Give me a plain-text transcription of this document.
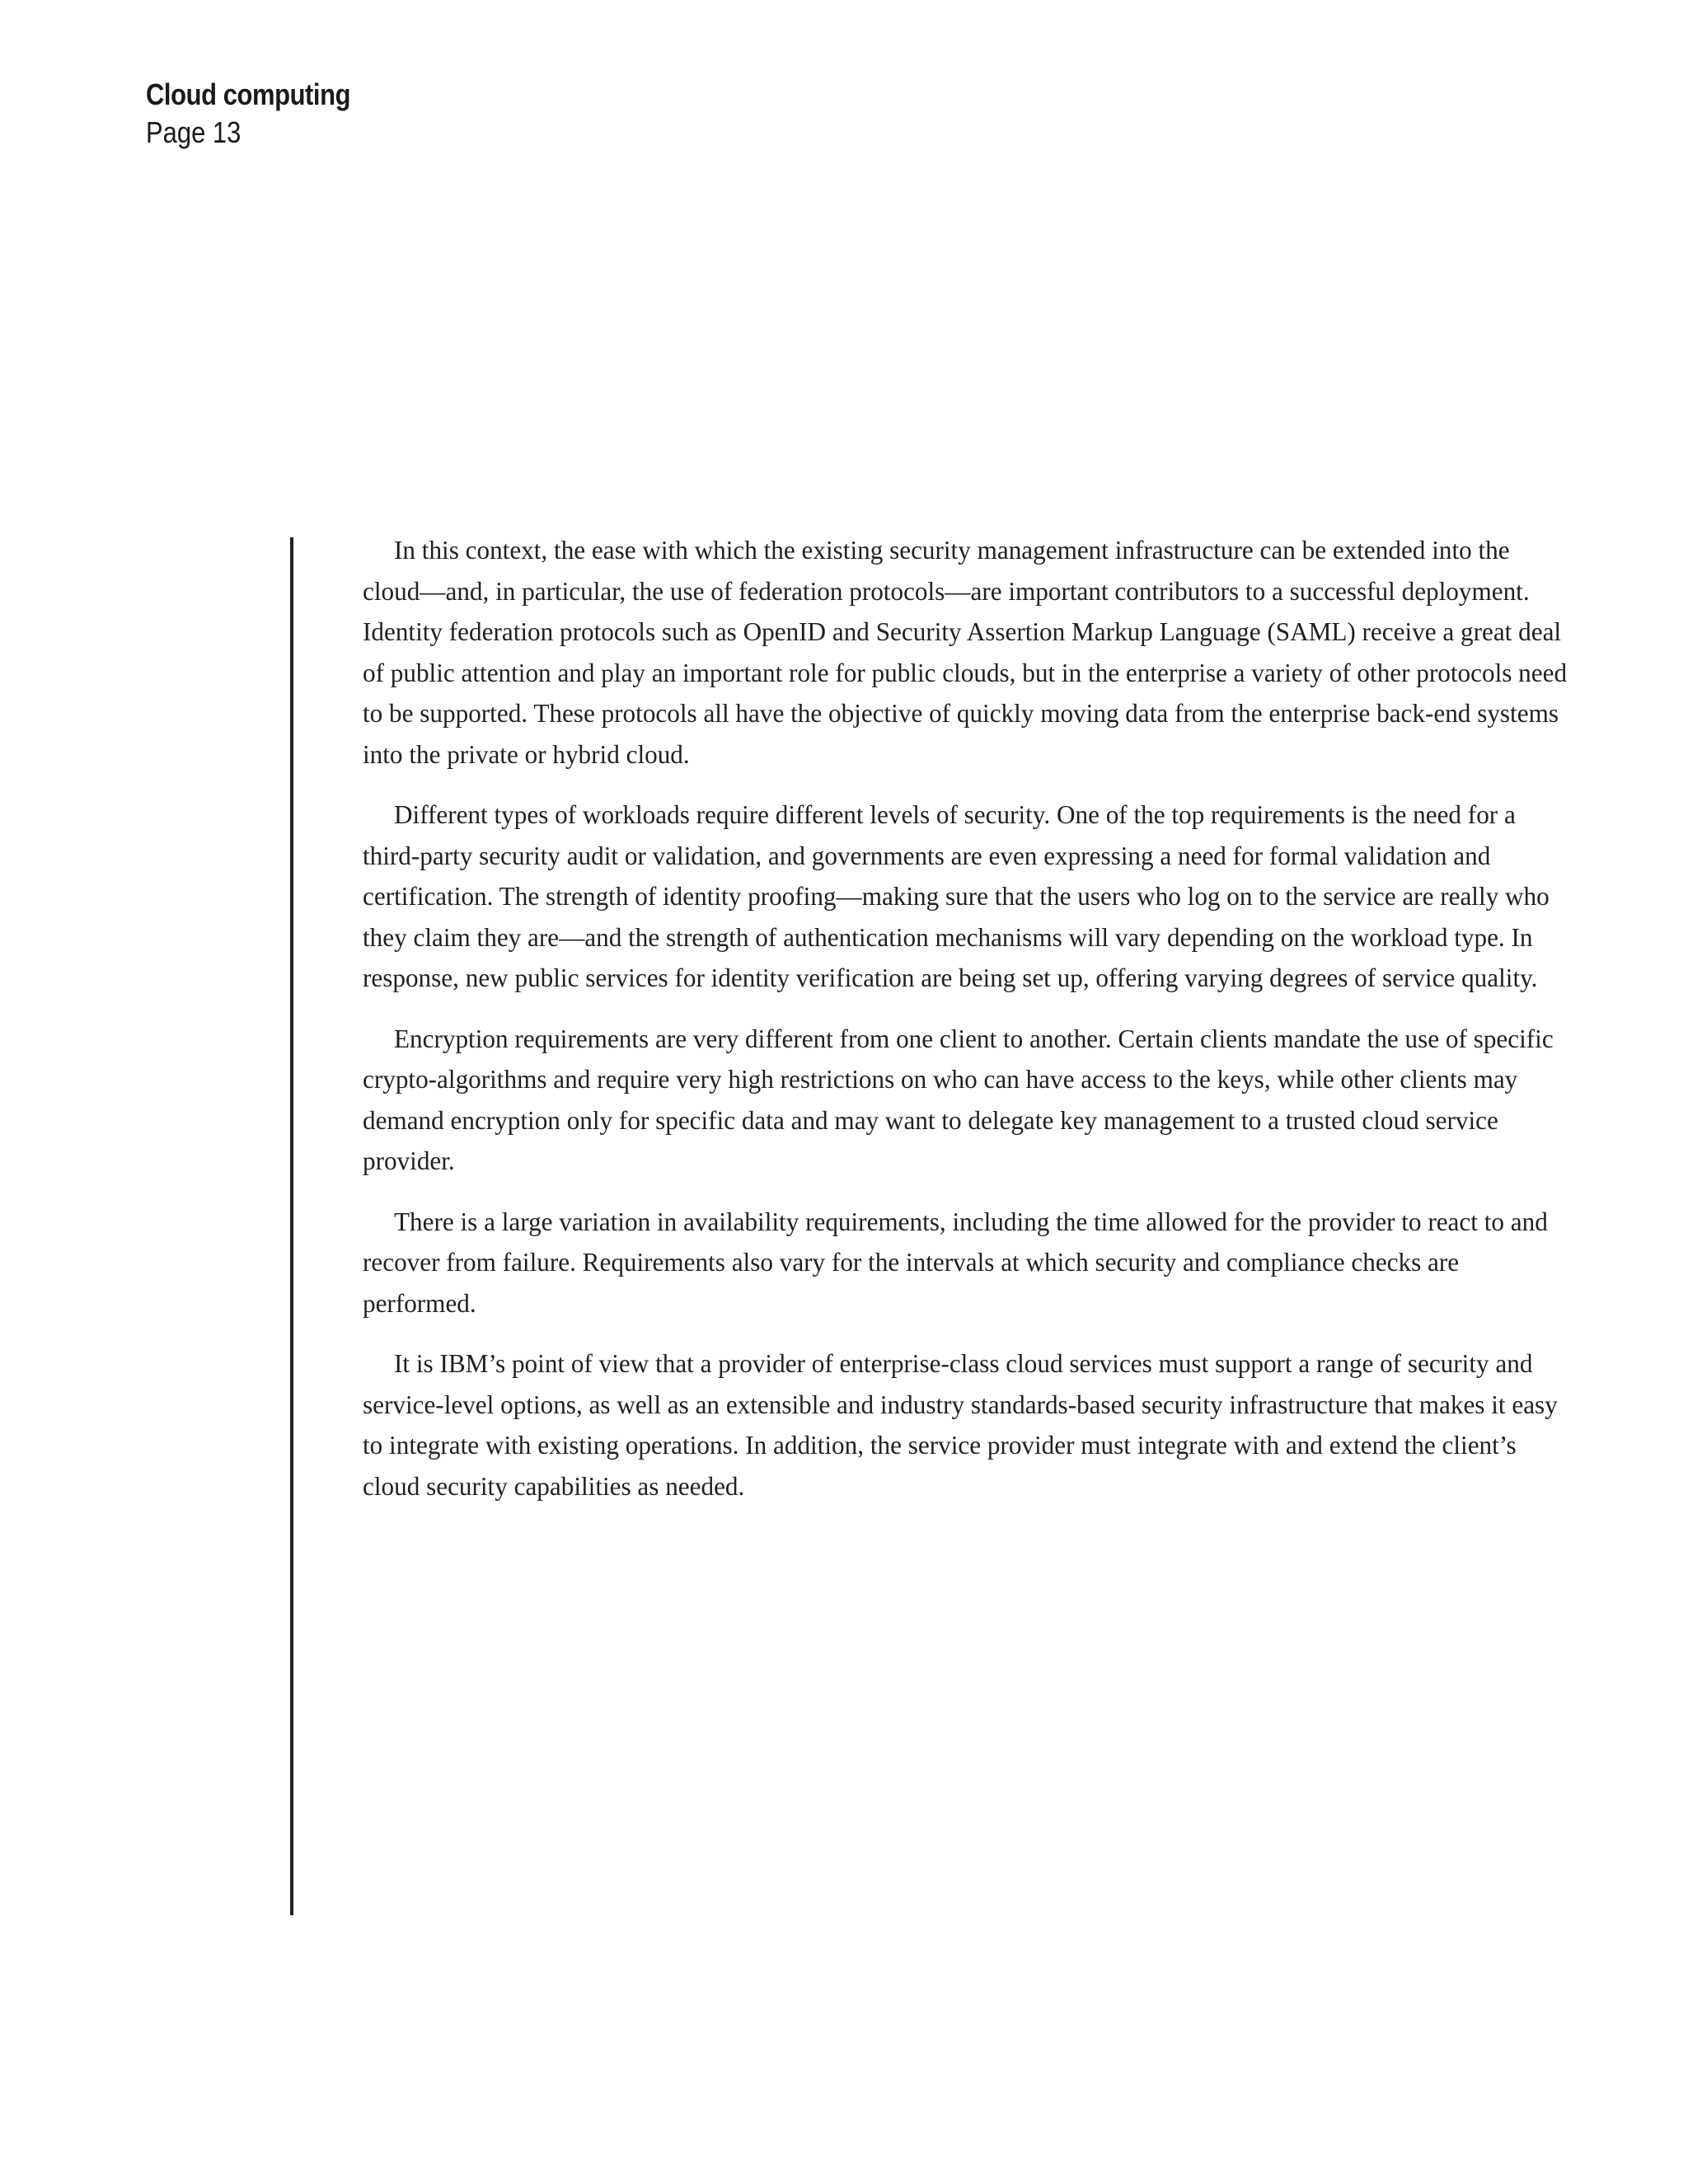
Cloud computing
Page 13

In this context, the ease with which the existing security management infrastructure can be extended into the cloud—and, in particular, the use of federation protocols—are important contributors to a successful deployment. Identity federation protocols such as OpenID and Security Assertion Markup Language (SAML) receive a great deal of public attention and play an important role for public clouds, but in the enterprise a variety of other protocols need to be supported. These protocols all have the objective of quickly moving data from the enterprise back-end systems into the private or hybrid cloud.

Different types of workloads require different levels of security. One of the top requirements is the need for a third-party security audit or validation, and governments are even expressing a need for formal validation and certification. The strength of identity proofing—making sure that the users who log on to the service are really who they claim they are—and the strength of authentication mechanisms will vary depending on the workload type. In response, new public services for identity verification are being set up, offering varying degrees of service quality.

Encryption requirements are very different from one client to another. Certain clients mandate the use of specific crypto-algorithms and require very high restrictions on who can have access to the keys, while other clients may demand encryption only for specific data and may want to delegate key management to a trusted cloud service provider.

There is a large variation in availability requirements, including the time allowed for the provider to react to and recover from failure. Requirements also vary for the intervals at which security and compliance checks are performed.

It is IBM’s point of view that a provider of enterprise-class cloud services must support a range of security and service-level options, as well as an extensible and industry standards-based security infrastructure that makes it easy to integrate with existing operations. In addition, the service provider must integrate with and extend the client’s cloud security capabilities as needed.
